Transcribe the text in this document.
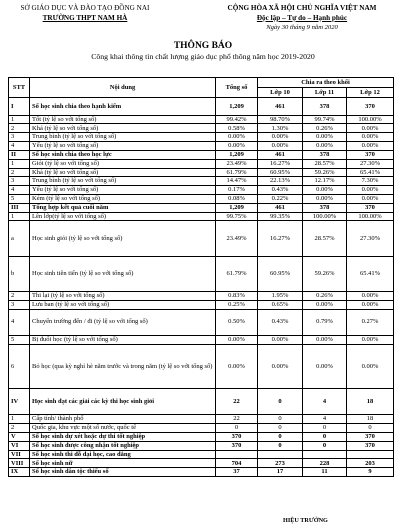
SỞ GIÁO DỤC VÀ ĐÀO TẠO ĐỒNG NAI
TRƯỜNG THPT NAM HÀ
CỘNG HÒA XÃ HỘI CHỦ NGHĨA VIỆT NAM
Độc lập – Tự do – Hạnh phúc
Ngày 30 tháng 9 năm 2020
THÔNG BÁO
Công khai thông tin chất lượng giáo dục phổ thông năm học 2019-2020
STT	Nội dung	Tổng số	Chia ra theo khối		
			Lớp 10	Lớp 11	Lớp 12
I	Số học sinh chia theo hạnh kiểm	1,209	461	378	370
1	Tốt (tỷ lệ so với tổng số)	99.42%	98.70%	99.74%	100.00%
2	Khá (tỷ lệ so với tổng số)	0.58%	1.30%	0.26%	0.00%
3	Trung bình (tỷ lệ so với tổng số)	0.00%	0.00%	0.00%	0.00%
4	Yếu (tỷ lệ so với tổng số)	0.00%	0.00%	0.00%	0.00%
II	Số học sinh chia theo học lực	1,209	461	378	370
1	Giỏi (tỷ lệ so với tổng số)	23.49%	16.27%	28.57%	27.30%
2	Khá (tỷ lệ so với tổng số)	61.79%	60.95%	59.26%	65.41%
3	Trung bình (tỷ lệ so với tổng số)	14.47%	22.13%	12.17%	7.30%
4	Yếu (tỷ lệ so với tổng số)	0.17%	0.43%	0.00%	0.00%
5	Kém (tỷ lệ so với tổng số)	0.08%	0.22%	0.00%	0.00%
III	Tổng hợp kết quả cuối năm	1,209	461	378	370
1	Lên lớp(tỷ lệ so với tổng số)	99.75%	99.35%	100.00%	100.00%
a	Học sinh giỏi (tỷ lệ so với tổng số)	23.49%	16.27%	28.57%	27.30%
b	Học sinh tiên tiến (tỷ lệ so với tổng số)	61.79%	60.95%	59.26%	65.41%
2	Thi lại (tỷ lệ so với tổng số)	0.83%	1.95%	0.26%	0.00%
3	Lưu ban (tỷ lệ so với tổng số)	0.25%	0.65%	0.00%	0.00%
4	Chuyển trường đến / đi (tỷ lệ so với tổng số)	0.50%	0.43%	0.79%	0.27%
5	Bị đuổi học (tỷ lệ so với tổng số)	0.00%	0.00%	0.00%	0.00%
6	Bỏ học (qua kỳ nghỉ hè năm trước và trong năm (tỷ lệ so với tổng số)	0.00%	0.00%	0.00%	0.00%
IV	Học sinh đạt các giải các kỳ thi học sinh giỏi	22	0	4	18
1	Cấp tỉnh/ thành phố	22	0	4	18
2	Quốc gia, khu vực một số nước, quốc tế	0	0	0	0
V	Số học sinh dự xét hoặc dự thi tốt nghiệp	370	0	0	370
VI	Số học sinh được công nhận tốt nghiệp	370	0	0	370
VII	Số học sinh thi đỗ đại học, cao đẳng				
VIII	Số học sinh nữ	704	273	228	203
IX	Số học sinh dân tộc thiểu số	37	17	11	9
HIỆU TRƯỞNG
